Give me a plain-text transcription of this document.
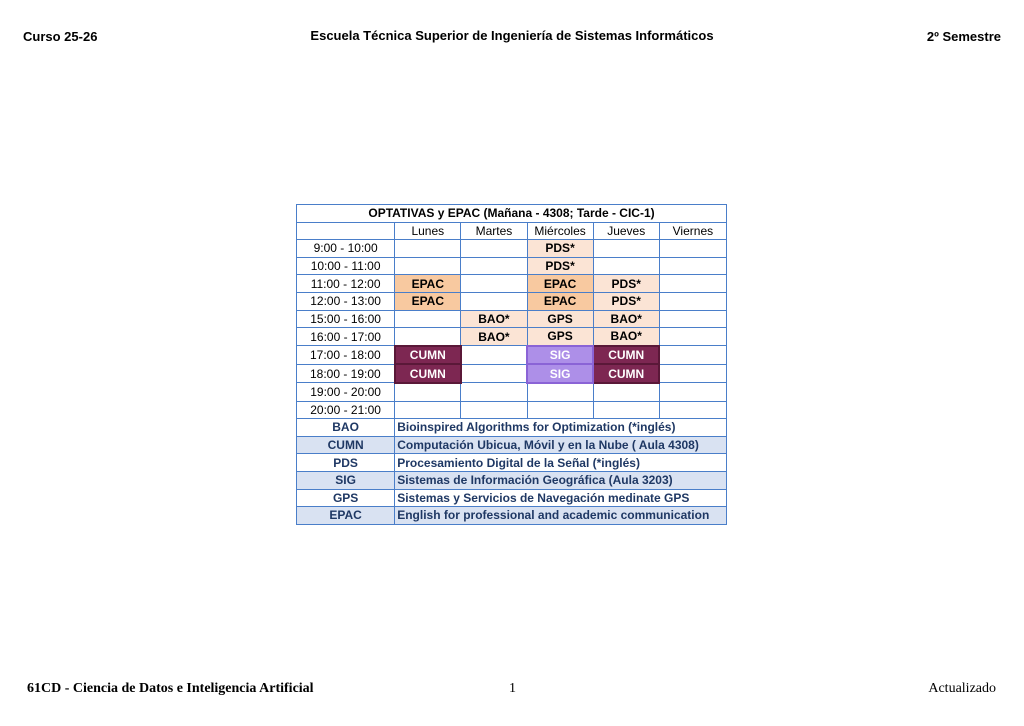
Curso 25-26	Escuela Técnica Superior de Ingeniería de Sistemas Informáticos	2º Semestre
OPTATIVAS y EPAC (Mañana - 4308; Tarde - CIC-1)					
	Lunes	Martes	Miércoles	Jueves	Viernes
9:00 - 10:00			PDS*		
10:00 - 11:00			PDS*		
11:00 - 12:00	EPAC		EPAC	PDS*	
12:00 - 13:00	EPAC		EPAC	PDS*	
15:00 - 16:00		BAO*	GPS	BAO*	
16:00 - 17:00		BAO*	GPS	BAO*	
17:00 - 18:00	CUMN		SIG	CUMN	
18:00 - 19:00	CUMN		SIG	CUMN	
19:00 - 20:00					
20:00 - 21:00					
BAO	Bioinspired Algorithms for Optimization (*inglés)				
CUMN	Computación Ubicua, Móvil y en la Nube ( Aula 4308)				
PDS	Procesamiento Digital de la Señal (*inglés)				
SIG	Sistemas de Información Geográfica (Aula 3203)				
GPS	Sistemas y Servicios de Navegación medinate GPS				
EPAC	English for professional and academic communication				
61CD - Ciencia de Datos e Inteligencia Artificial	1	Actualizado
